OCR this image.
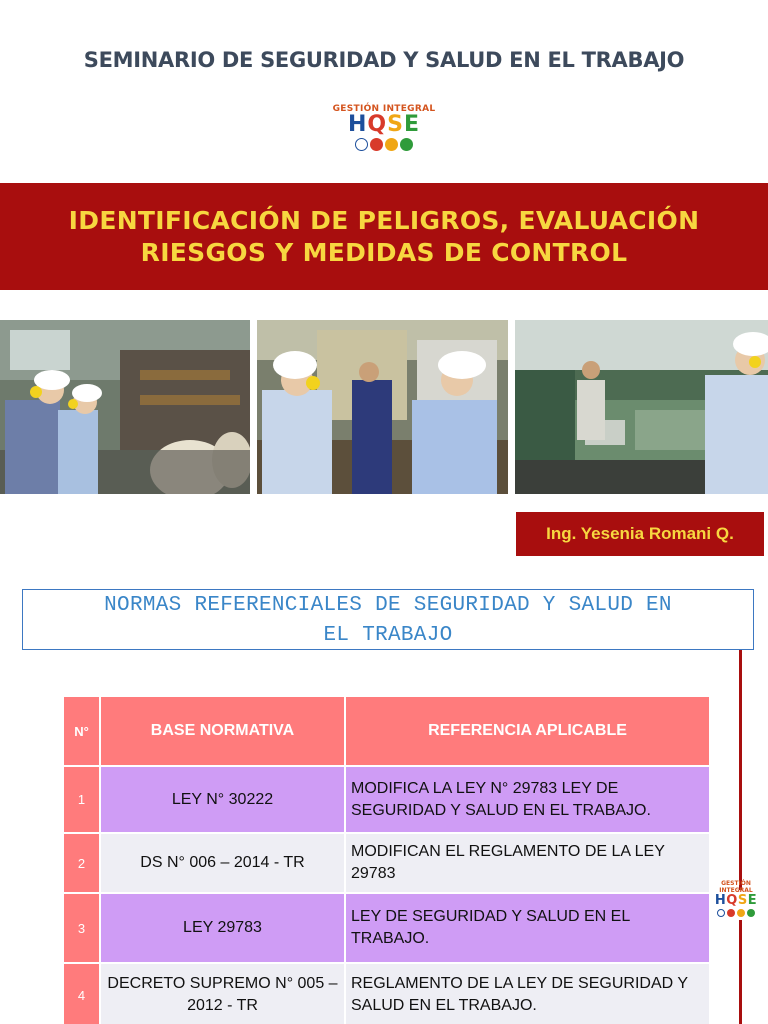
SEMINARIO DE SEGURIDAD Y SALUD EN EL TRABAJO
GESTIÓN INTEGRAL
HQSE
IDENTIFICACIÓN DE PELIGROS, EVALUACIÓN
RIESGOS Y MEDIDAS DE CONTROL
Ing. Yesenia Romani Q.
NORMAS REFERENCIALES DE SEGURIDAD Y SALUD EN
EL TRABAJO
N°	BASE NORMATIVA	REFERENCIA APLICABLE
1	LEY N° 30222	MODIFICA LA LEY N° 29783 LEY DE SEGURIDAD Y SALUD EN EL TRABAJO.
2	DS N° 006 – 2014 - TR	MODIFICAN EL REGLAMENTO DE LA LEY 29783
3	LEY 29783	LEY DE SEGURIDAD Y SALUD EN EL TRABAJO.
4	DECRETO SUPREMO N° 005 – 2012 - TR	REGLAMENTO DE LA LEY DE SEGURIDAD Y SALUD EN EL TRABAJO.
GESTIÓN INTEGRAL
HQSE
